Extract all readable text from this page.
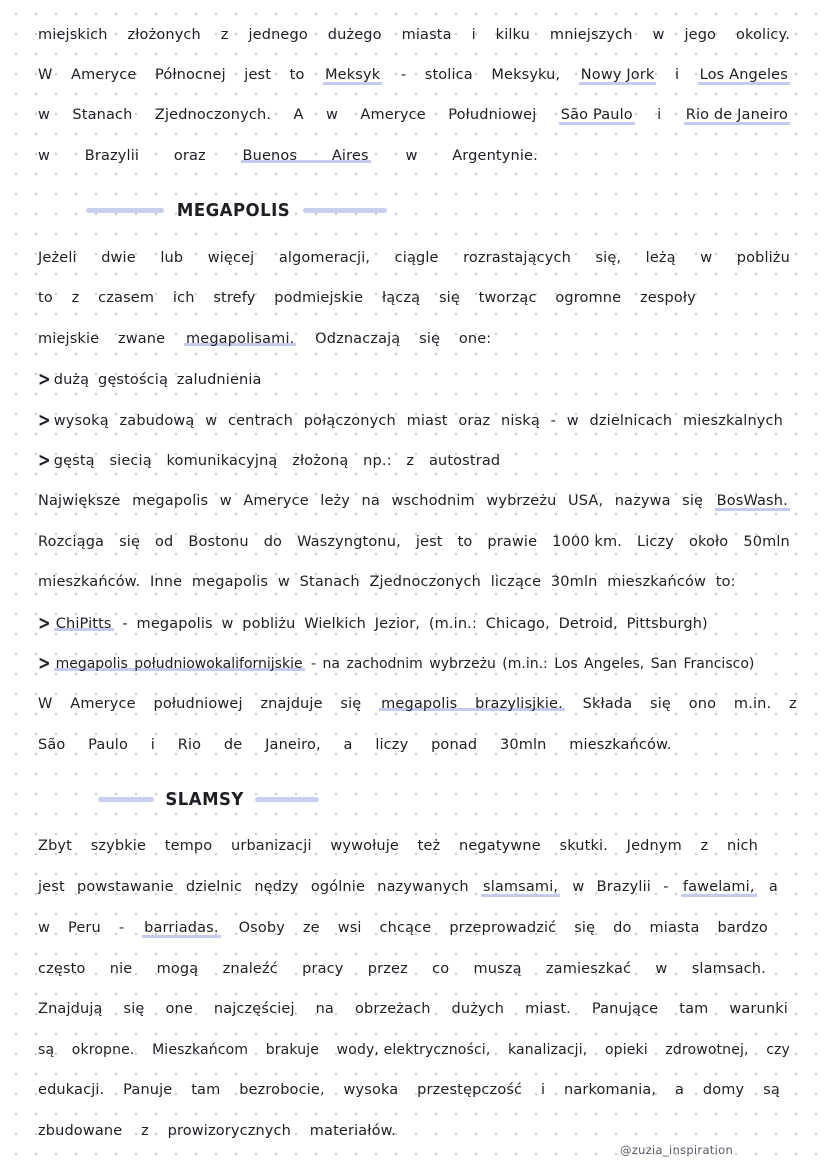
miejskich złożonych z jednego dużego miasta i kilku mniejszych w jego okolicy.
W Ameryce Północnej jest to Meksyk - stolica Meksyku, Nowy Jork i Los Angeles
w Stanach Zjednoczonych. A w Ameryce Południowej São Paulo i Rio de Janeiro
w Brazylii oraz	Buenos Aires	w Argentynie.
MEGAPOLIS
Jeżeli dwie lub więcej algomeracji, ciągle rozrastających się, leżą w pobliżu
to z czasem ich strefy podmiejskie łączą się tworząc ogromne zespoły
miejskie zwane megapolisami. Odznaczają się one:
> dużą gęstością zaludnienia
> wysoką zabudową w centrach połączonych miast oraz niską - w dzielnicach mieszkalnych
> gęstą siecią komunikacyjną złożoną np.: z autostrad
Największe megapolis w Ameryce leży na wschodnim wybrzeżu USA, nazywa się BosWash.
Rozciąga się od Bostonu do Waszyngtonu, jest to prawie 1000 km. Liczy około 50mln
mieszkańców. Inne megapolis w Stanach Zjednoczonych liczące 30mln mieszkańców to:
> ChiPitts - megapolis w pobliżu Wielkich Jezior, (m.in.: Chicago, Detroid, Pittsburgh)
> megapolis południowokalifornijskie - na zachodnim wybrzeżu (m.in.: Los Angeles, San Francisco)
W Ameryce południowej znajduje się megapolis brazylisjkie. Składa się ono m.in. z
São Paulo i Rio de Janeiro, a liczy ponad 30mln mieszkańców.
SLAMSY
Zbyt szybkie tempo urbanizacji wywołuje też negatywne skutki. Jednym z nich
jest powstawanie dzielnic nędzy ogólnie nazywanych slamsami, w Brazylii - fawelami, a
w Peru - barriadas. Osoby ze wsi chcące przeprowadzić się do miasta bardzo
często nie mogą znaleźć pracy przez co muszą zamieszkać w slamsach.
Znajdują się one najczęściej na obrzeżach dużych miast. Panujące tam warunki
są okropne. Mieszkańcom brakuje wody, elektryczności, kanalizacji, opieki zdrowotnej, czy
edukacji. Panuje tam bezrobocie, wysoka przestępczość i narkomania, a domy są
zbudowane z prowizorycznych materiałów.
@zuzia_inspiration
